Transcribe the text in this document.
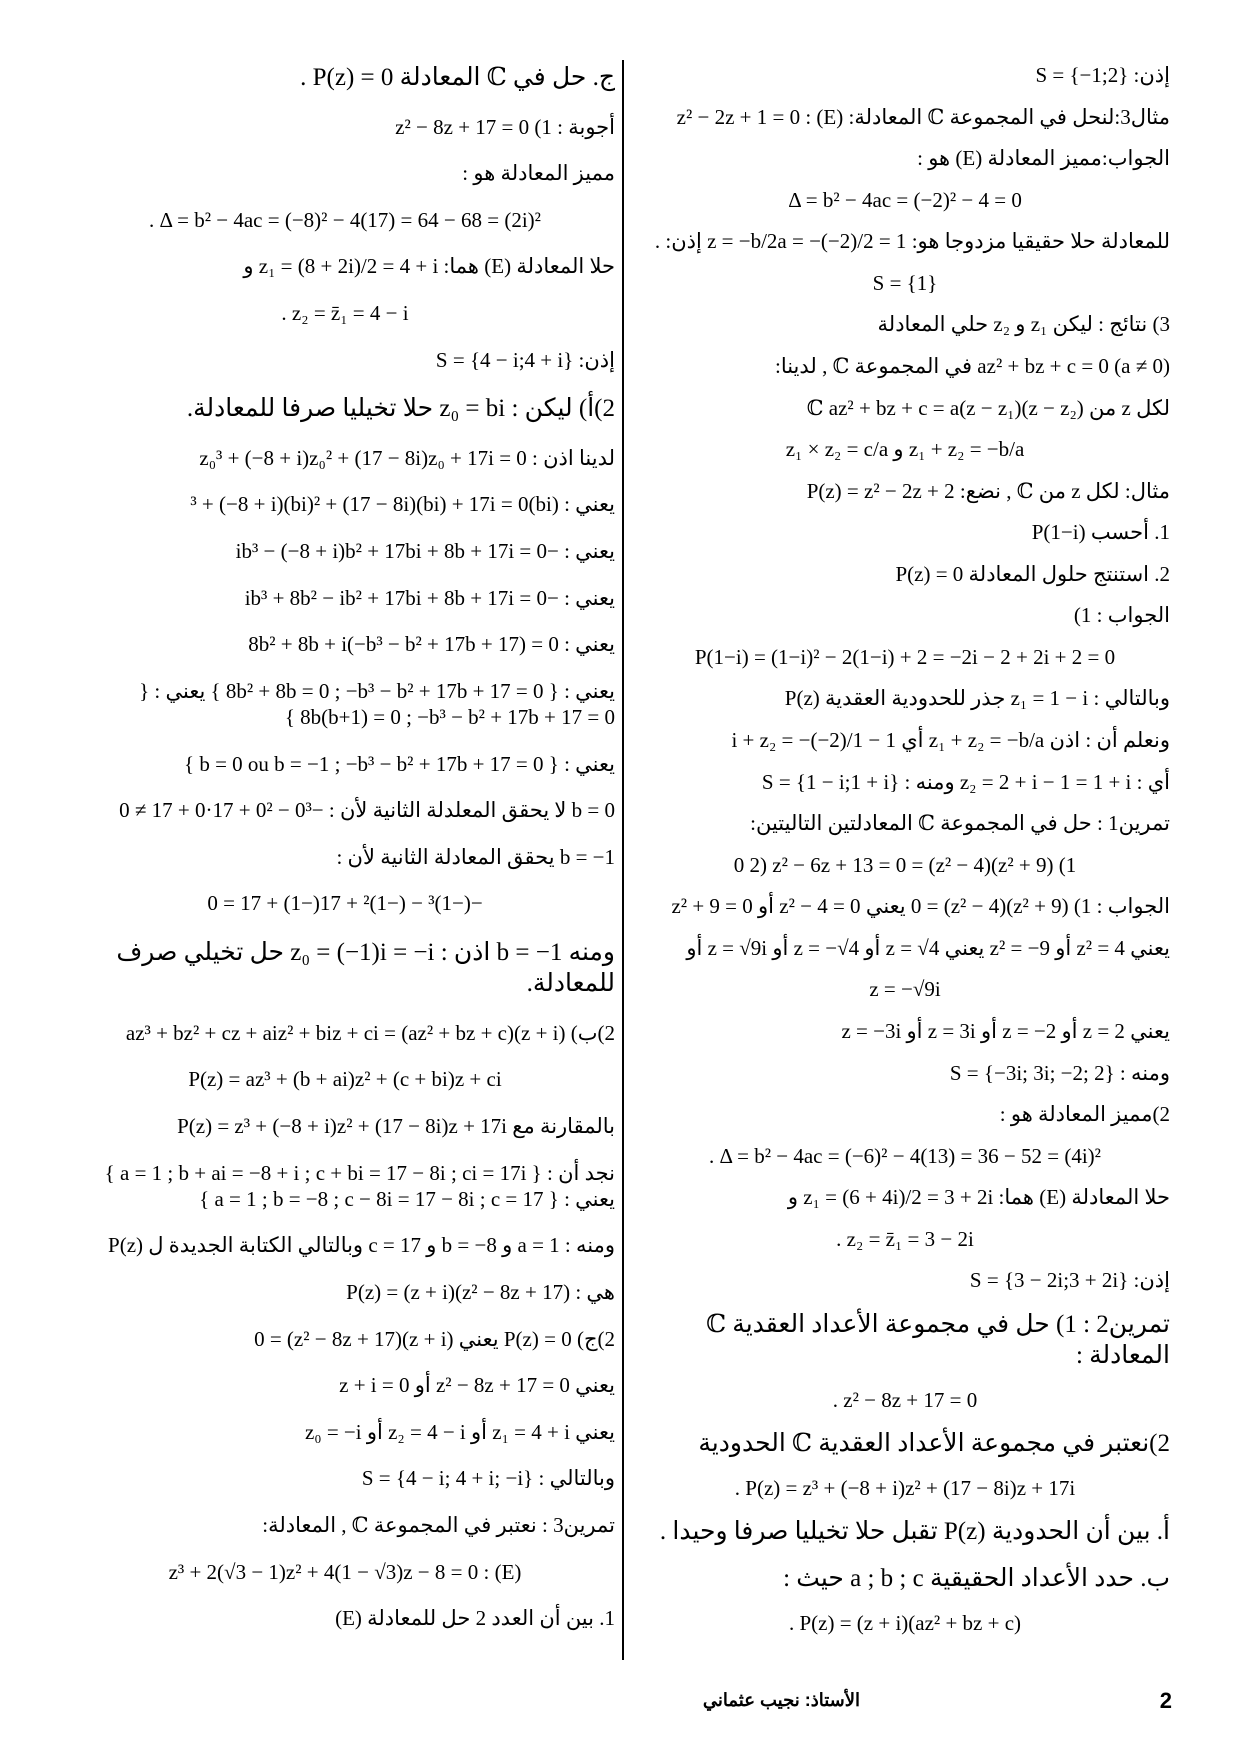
إذن: S = {−1;2}

مثال3:لنحل في المجموعة ℂ المعادلة: (E) : z² − 2z + 1 = 0

الجواب:مميز المعادلة (E) هو :

Δ = b² − 4ac = (−2)² − 4 = 0

للمعادلة حلا حقيقيا مزدوجا هو: z = −b/2a = −(−2)/2 = 1 إذن: .

S = {1}

3) نتائج : ليكن z₁ و z₂ حلي المعادلة

az² + bz + c = 0 (a ≠ 0) في المجموعة ℂ , لدينا:

لكل z من ℂ az² + bz + c = a(z − z₁)(z − z₂)

z₁ + z₂ = −b/a و z₁ × z₂ = c/a

مثال: لكل z من ℂ , نضع: P(z) = z² − 2z + 2

1. أحسب P(1−i)

2. استنتج حلول المعادلة P(z) = 0

الجواب : 1)

P(1−i) = (1−i)² − 2(1−i) + 2 = −2i − 2 + 2i + 2 = 0

وبالتالي : z₁ = 1 − i جذر للحدودية العقدية P(z)

ونعلم أن : اذن z₁ + z₂ = −b/a أي 1 − i + z₂ = −(−2)/1

أي : z₂ = 2 + i − 1 = 1 + i ومنه : S = {1 − i;1 + i}

تمرين1 : حل في المجموعة ℂ المعادلتين التاليتين:

1) (z² + 9)(z² − 4) = 0 2) z² − 6z + 13 = 0

الجواب : 1) (z² + 9)(z² − 4) = 0 يعني z² − 4 = 0 أو z² + 9 = 0

يعني z² = 4 أو z² = −9 يعني z = √4 أو z = −√4 أو z = √9i أو

z = −√9i

يعني z = 2 أو z = −2 أو z = 3i أو z = −3i

ومنه : S = {−3i; 3i; −2; 2}

2)مميز المعادلة هو :

Δ = b² − 4ac = (−6)² − 4(13) = 36 − 52 = (4i)² .

حلا المعادلة (E) هما: z₁ = (6 + 4i)/2 = 3 + 2i و

z₂ = z̄₁ = 3 − 2i .

إذن: S = {3 − 2i;3 + 2i}

تمرين2 : 1) حل في مجموعة الأعداد العقدية ℂ المعادلة :

z² − 8z + 17 = 0 .

2)نعتبر في مجموعة الأعداد العقدية ℂ الحدودية

P(z) = z³ + (−8 + i)z² + (17 − 8i)z + 17i .

أ. بين أن الحدودية P(z) تقبل حلا تخيليا صرفا وحيدا .

ب. حدد الأعداد الحقيقية a ; b ; c حيث :

P(z) = (z + i)(az² + bz + c) .

ج. حل في ℂ المعادلة P(z) = 0 .

أجوبة : 1) z² − 8z + 17 = 0

مميز المعادلة هو :

Δ = b² − 4ac = (−8)² − 4(17) = 64 − 68 = (2i)² .

حلا المعادلة (E) هما: z₁ = (8 + 2i)/2 = 4 + i و

z₂ = z̄₁ = 4 − i .

إذن: S = {4 − i;4 + i}

2)أ) ليكن : z₀ = bi حلا تخيليا صرفا للمعادلة.

لدينا اذن : z₀³ + (−8 + i)z₀² + (17 − 8i)z₀ + 17i = 0

يعني : (bi)³ + (−8 + i)(bi)² + (17 − 8i)(bi) + 17i = 0

يعني : −ib³ − (−8 + i)b² + 17bi + 8b + 17i = 0

يعني : −ib³ + 8b² − ib² + 17bi + 8b + 17i = 0

يعني : 8b² + 8b + i(−b³ − b² + 17b + 17) = 0

يعني : { 8b² + 8b = 0 ; −b³ − b² + 17b + 17 = 0 } يعني : { 8b(b+1) = 0 ; −b³ − b² + 17b + 17 = 0 }

يعني : { b = 0 ou b = −1 ; −b³ − b² + 17b + 17 = 0 }

b = 0 لا يحقق المعلدلة الثانية لأن : −0³ − 0² + 17·0 + 17 ≠ 0

b = −1 يحقق المعادلة الثانية لأن :

−(−1)³ − (−1)² + 17(−1) + 17 = 0

ومنه b = −1 اذن : z₀ = (−1)i = −i حل تخيلي صرف للمعادلة.

2)ب) (z + i)(az² + bz + c) = az³ + bz² + cz + aiz² + biz + ci

P(z) = az³ + (b + ai)z² + (c + bi)z + ci

بالمقارنة مع P(z) = z³ + (−8 + i)z² + (17 − 8i)z + 17i

نجد أن : { a = 1 ; b + ai = −8 + i ; c + bi = 17 − 8i ; ci = 17i } يعني : { a = 1 ; b = −8 ; c − 8i = 17 − 8i ; c = 17 }

ومنه : a = 1 و b = −8 و c = 17 وبالتالي الكتابة الجديدة ل P(z)

هي : P(z) = (z + i)(z² − 8z + 17)

2)ج) P(z) = 0 يعني (z + i)(z² − 8z + 17) = 0

يعني z² − 8z + 17 = 0 أو z + i = 0

يعني z₁ = 4 + i أو z₂ = 4 − i أو z₀ = −i

وبالتالي : S = {4 − i; 4 + i; −i}

تمرين3 : نعتبر في المجموعة ℂ , المعادلة:

(E) : z³ + 2(√3 − 1)z² + 4(1 − √3)z − 8 = 0

1. بين أن العدد 2 حل للمعادلة (E)

2
الأستاذ: نجيب عثماني
